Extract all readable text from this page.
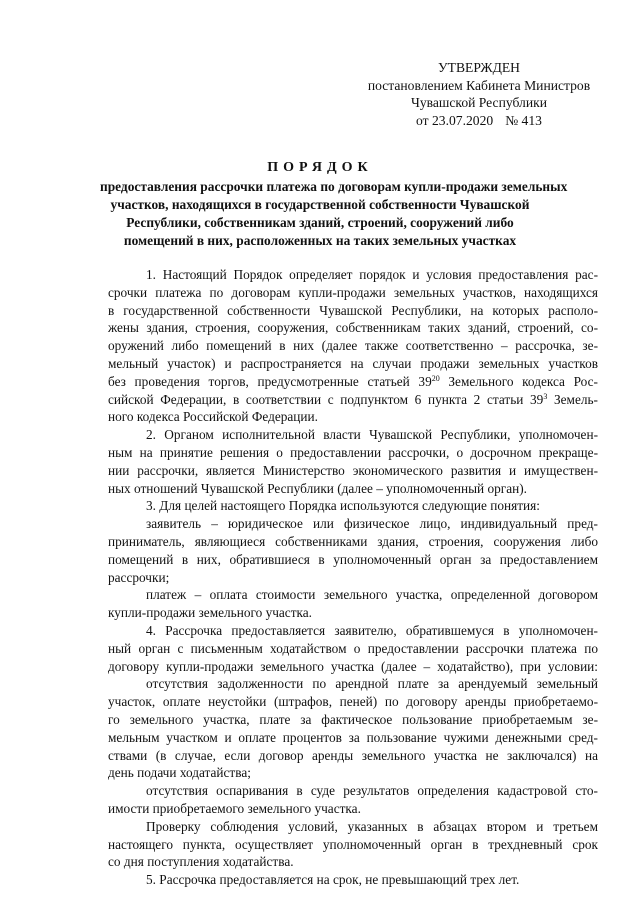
УТВЕРЖДЕН
постановлением Кабинета Министров
Чувашской Республики
от 23.07.2020 № 413
ПОРЯДОК
предоставления рассрочки платежа по договорам купли-продажи земельных
участков, находящихся в государственной собственности Чувашской
Республики, собственникам зданий, строений, сооружений либо
помещений в них, расположенных на таких земельных участках
1. Настоящий Порядок определяет порядок и условия предоставления рас-
срочки платежа по договорам купли-продажи земельных участков, находящихся
в государственной собственности Чувашской Республики, на которых располо-
жены здания, строения, сооружения, собственникам таких зданий, строений, со-
оружений либо помещений в них (далее также соответственно – рассрочка, зе-
мельный участок) и распространяется на случаи продажи земельных участков
без проведения торгов, предусмотренные статьей $39^{20}$ Земельного кодекса Рос-
сийской Федерации, в соответствии с подпунктом 6 пункта 2 статьи $39^3$ Земель-
ного кодекса Российской Федерации.
2. Органом исполнительной власти Чувашской Республики, уполномочен-
ным на принятие решения о предоставлении рассрочки, о досрочном прекраще-
нии рассрочки, является Министерство экономического развития и имуществен-
ных отношений Чувашской Республики (далее – уполномоченный орган).
3. Для целей настоящего Порядка используются следующие понятия:
заявитель – юридическое или физическое лицо, индивидуальный пред-
приниматель, являющиеся собственниками здания, строения, сооружения либо
помещений в них, обратившиеся в уполномоченный орган за предоставлением
рассрочки;
платеж – оплата стоимости земельного участка, определенной договором
купли-продажи земельного участка.
4. Рассрочка предоставляется заявителю, обратившемуся в уполномочен-
ный орган с письменным ходатайством о предоставлении рассрочки платежа по
договору купли-продажи земельного участка (далее – ходатайство), при условии:
отсутствия задолженности по арендной плате за арендуемый земельный
участок, оплате неустойки (штрафов, пеней) по договору аренды приобретаемо-
го земельного участка, плате за фактическое пользование приобретаемым зе-
мельным участком и оплате процентов за пользование чужими денежными сред-
ствами (в случае, если договор аренды земельного участка не заключался) на
день подачи ходатайства;
отсутствия оспаривания в суде результатов определения кадастровой сто-
имости приобретаемого земельного участка.
Проверку соблюдения условий, указанных в абзацах втором и третьем
настоящего пункта, осуществляет уполномоченный орган в трехдневный срок
со дня поступления ходатайства.
5. Рассрочка предоставляется на срок, не превышающий трех лет.
